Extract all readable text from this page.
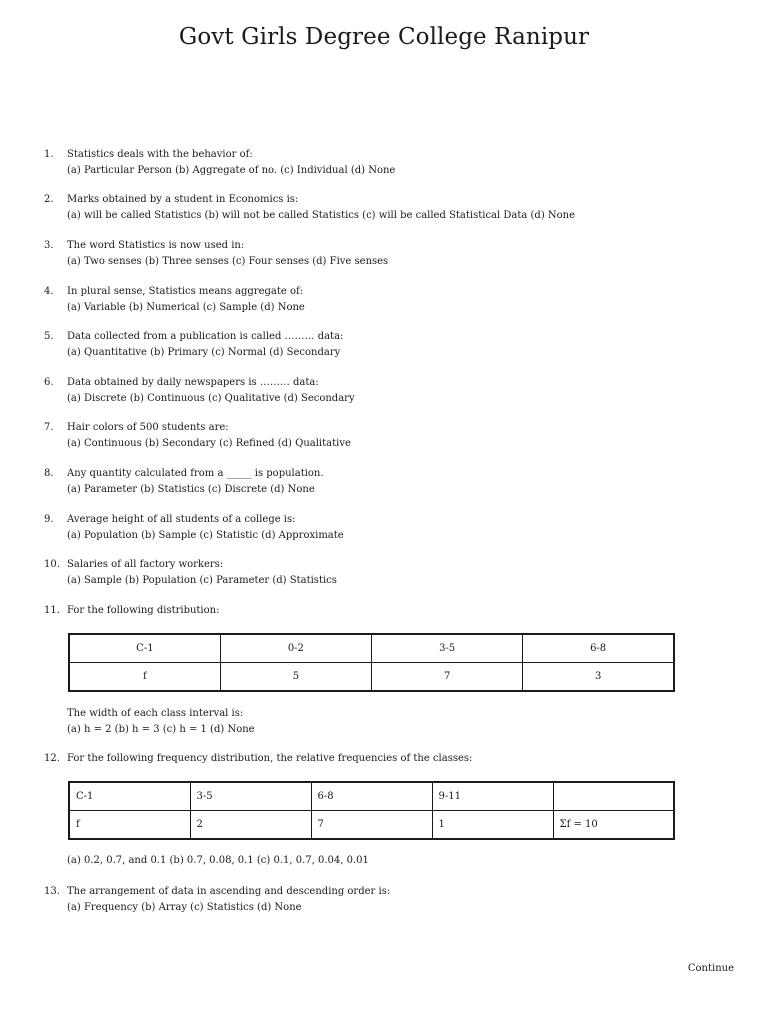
Govt Girls Degree College Ranipur
1. Statistics deals with the behavior of:
(a) Particular Person (b) Aggregate of no. (c) Individual (d) None
2. Marks obtained by a student in Economics is:
(a) will be called Statistics (b) will not be called Statistics (c) will be called Statistical Data (d) None
3. The word Statistics is now used in:
(a) Two senses (b) Three senses (c) Four senses (d) Five senses
4. In plural sense, Statistics means aggregate of:
(a) Variable (b) Numerical (c) Sample (d) None
5. Data collected from a publication is called ……… data:
(a) Quantitative (b) Primary (c) Normal (d) Secondary
6. Data obtained by daily newspapers is ……… data:
(a) Discrete (b) Continuous (c) Qualitative (d) Secondary
7. Hair colors of 500 students are:
(a) Continuous (b) Secondary (c) Refined (d) Qualitative
8. Any quantity calculated from a _____ is population.
(a) Parameter (b) Statistics (c) Discrete (d) None
9. Average height of all students of a college is:
(a) Population (b) Sample (c) Statistic (d) Approximate
10. Salaries of all factory workers:
(a) Sample (b) Population (c) Parameter (d) Statistics
11. For the following distribution:
C-1	0-2	3-5	6-8
f	5	7	3
The width of each class interval is:
(a) h = 2 (b) h = 3 (c) h = 1 (d) None
12. For the following frequency distribution, the relative frequencies of the classes:
C-1	3-5	6-8	9-11	
f	2	7	1	Σf = 10
(a) 0.2, 0.7, and 0.1 (b) 0.7, 0.08, 0.1 (c) 0.1, 0.7, 0.04, 0.01
13. The arrangement of data in ascending and descending order is:
(a) Frequency (b) Array (c) Statistics (d) None
Continue
